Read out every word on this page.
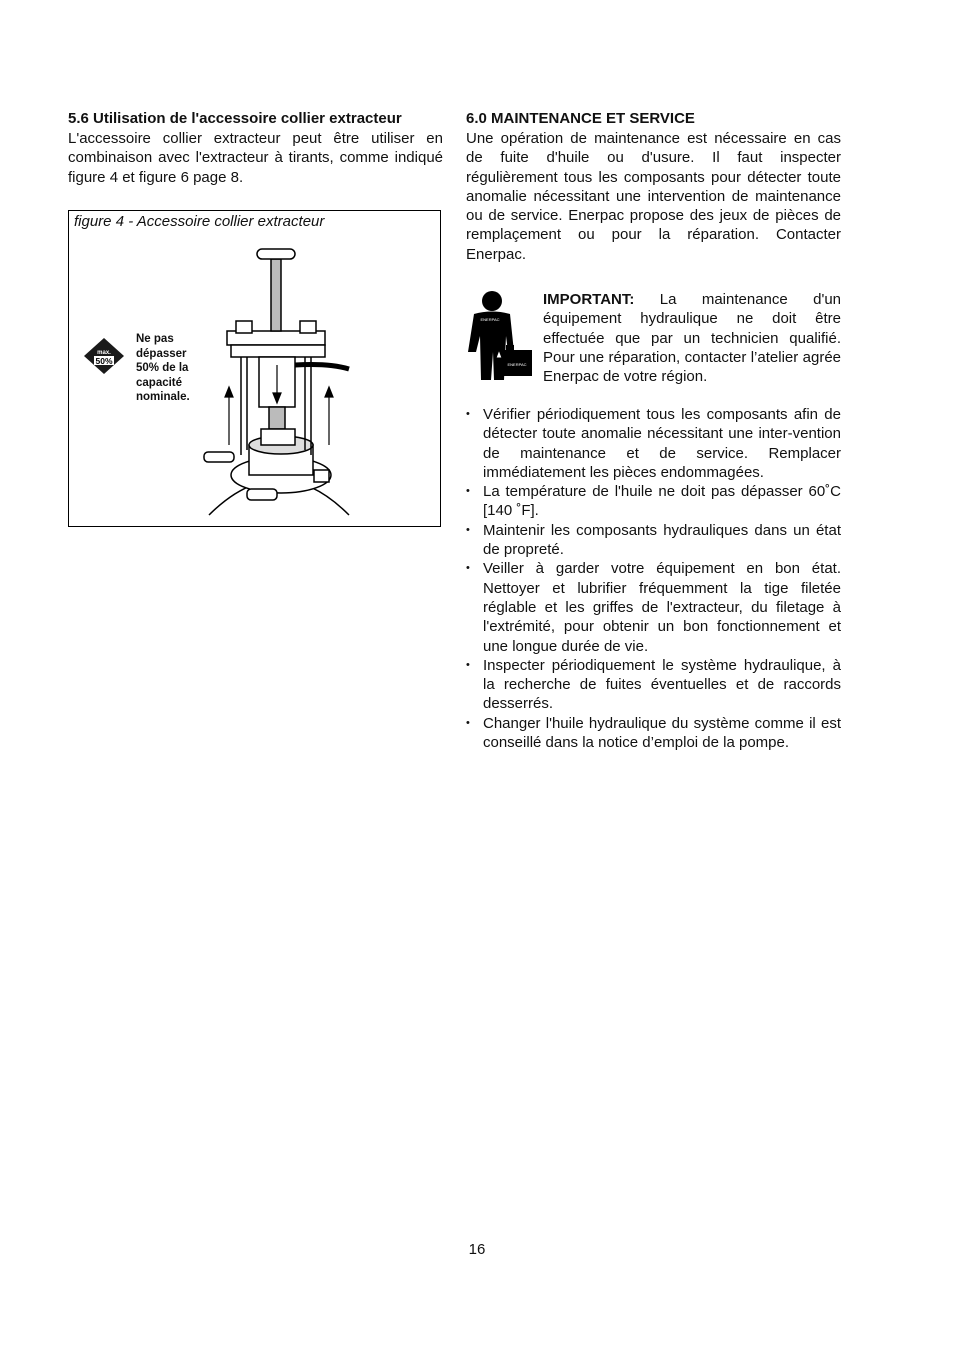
5.6 Utilisation de l'accessoire collier extracteur

L'accessoire collier extracteur peut être utiliser en combinaison avec l'extracteur à tirants, comme indiqué figure 4 et figure 6 page 8.

figure 4 - Accessoire collier extracteur
max.
50%
Ne pas dépasser 50% de la capacité nominale.
6.0 MAINTENANCE ET SERVICE

Une opération de maintenance est nécessaire en cas de fuite d'huile ou d'usure. Il faut inspecter régulièrement tous les composants pour détecter toute anomalie nécessitant une intervention de maintenance ou de service. Enerpac propose des jeux de pièces de remplaçement ou pour la réparation. Contacter Enerpac.

ENERPAC
ENERPAC

IMPORTANT: La maintenance d'un équipement hydraulique ne doit être effectuée que par un technicien qualifié. Pour une réparation, contacter l’atelier agrée Enerpac de votre région.

• Vérifier périodiquement tous les composants afin de détecter toute anomalie nécessitant une inter-vention de maintenance et de service. Remplacer immédiatement les pièces endommagées.
• La température de l'huile ne doit pas dépasser 60˚C [140 ˚F].
• Maintenir les composants hydrauliques dans un état de propreté.
• Veiller à garder votre équipement en bon état. Nettoyer et lubrifier fréquemment la tige filetée réglable et les griffes de l'extracteur, du filetage à l'extrémité, pour obtenir un bon fonctionnement et une longue durée de vie.
• Inspecter périodiquement le système hydraulique, à la recherche de fuites éventuelles et de raccords desserrés.
• Changer l'huile hydraulique du système comme il est conseillé dans la notice d’emploi de la pompe.
16
